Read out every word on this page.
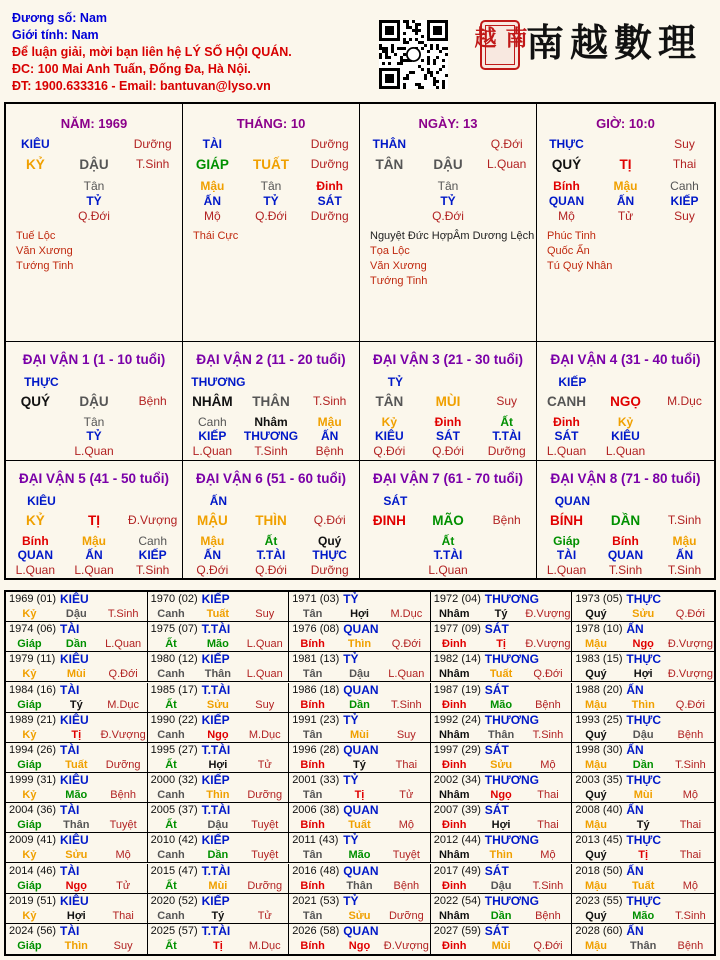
Đương số: Nam
Giới tính: Nam
Để luận giải, mời bạn liên hệ LÝ SỐ HỘI QUÁN.
ĐC: 100 Mai Anh Tuấn, Đống Đa, Hà Nội.
ĐT: 1900.633316 - Email: bantuvan@lyso.vn
南越 南越數理
NĂM: 1969
KIÊU	Dưỡng
KỶ	DẬU	T.Sinh
Tân
TỶ
Q.Đới
Tuế Lộc
Văn Xương
Tướng Tinh
THÁNG: 10
TÀI	Dưỡng
GIÁP	TUẤT	Dưỡng
Mậu	Tân	Đinh
ẤN	TỶ	SÁT
Mộ	Q.Đới	Dưỡng
Thái Cực
NGÀY: 13
THÂN	Q.Đới
TÂN	DẬU	L.Quan
Tân
TỶ
Q.Đới
Nguyệt Đức HợpÂm Dương Lệch
Tọa Lộc
Văn Xương
Tướng Tinh
GIỜ: 10:0
THỰC	Suy
QUÝ	TỊ	Thai
Bính	Mậu	Canh
QUAN	ẤN	KIẾP
Mộ	Tử	Suy
Phúc Tinh
Quốc Ấn
Tú Quý Nhân
ĐẠI VẬN 1 (1 - 10 tuổi)
THỰC
QUÝ	DẬU	Bệnh
Tân
TỶ
L.Quan
ĐẠI VẬN 2 (11 - 20 tuổi)
THƯƠNG
NHÂM	THÂN	T.Sinh
Canh	Nhâm	Mậu
KIẾP	THƯƠNG	ẤN
L.Quan	T.Sinh	Bệnh
ĐẠI VẬN 3 (21 - 30 tuổi)
TỶ
TÂN	MÙI	Suy
Kỷ	Đinh	Ất
KIÊU	SÁT	T.TÀI
Q.Đới	Q.Đới	Dưỡng
ĐẠI VẬN 4 (31 - 40 tuổi)
KIẾP
CANH	NGỌ	M.Dục
Đinh	Kỷ
SÁT	KIÊU
L.Quan	L.Quan
ĐẠI VẬN 5 (41 - 50 tuổi)
KIÊU
KỶ	TỊ	Đ.Vượng
Bính	Mậu	Canh
QUAN	ẤN	KIẾP
L.Quan	L.Quan	T.Sinh
ĐẠI VẬN 6 (51 - 60 tuổi)
ẤN
MẬU	THÌN	Q.Đới
Mậu	Ất	Quý
ẤN	T.TÀI	THỰC
Q.Đới	Q.Đới	Dưỡng
ĐẠI VẬN 7 (61 - 70 tuổi)
SÁT
ĐINH	MÃO	Bệnh
Ất
T.TÀI
L.Quan
ĐẠI VẬN 8 (71 - 80 tuổi)
QUAN
BÍNH	DẦN	T.Sinh
Giáp	Bính	Mậu
TÀI	QUAN	ẤN
L.Quan	T.Sinh	T.Sinh
1969 (01) KIÊU
Kỷ	Dậu	T.Sinh
1970 (02) KIẾP
Canh	Tuất	Suy
1971 (03) TỶ
Tân	Hợi	M.Dục
1972 (04) THƯƠNG
Nhâm	Tý	Đ.Vượng
1973 (05) THỰC
Quý	Sửu	Q.Đới
1974 (06) TÀI
Giáp	Dần	L.Quan
1975 (07) T.TÀI
Ất	Mão	L.Quan
1976 (08) QUAN
Bính	Thìn	Q.Đới
1977 (09) SÁT
Đinh	Tị	Đ.Vượng
1978 (10) ẤN
Mậu	Ngọ	Đ.Vượng
1979 (11) KIÊU
Kỷ	Mùi	Q.Đới
1980 (12) KIẾP
Canh	Thân	L.Quan
1981 (13) TỶ
Tân	Dậu	L.Quan
1982 (14) THƯƠNG
Nhâm	Tuất	Q.Đới
1983 (15) THỰC
Quý	Hợi	Đ.Vượng
1984 (16) TÀI
Giáp	Tý	M.Dục
1985 (17) T.TÀI
Ất	Sửu	Suy
1986 (18) QUAN
Bính	Dần	T.Sinh
1987 (19) SÁT
Đinh	Mão	Bệnh
1988 (20) ẤN
Mậu	Thìn	Q.Đới
1989 (21) KIÊU
Kỷ	Tị	Đ.Vượng
1990 (22) KIẾP
Canh	Ngọ	M.Dục
1991 (23) TỶ
Tân	Mùi	Suy
1992 (24) THƯƠNG
Nhâm	Thân	T.Sinh
1993 (25) THỰC
Quý	Dậu	Bệnh
1994 (26) TÀI
Giáp	Tuất	Dưỡng
1995 (27) T.TÀI
Ất	Hợi	Tử
1996 (28) QUAN
Bính	Tý	Thai
1997 (29) SÁT
Đinh	Sửu	Mộ
1998 (30) ẤN
Mậu	Dần	T.Sinh
1999 (31) KIÊU
Kỷ	Mão	Bệnh
2000 (32) KIẾP
Canh	Thìn	Dưỡng
2001 (33) TỶ
Tân	Tị	Tử
2002 (34) THƯƠNG
Nhâm	Ngọ	Thai
2003 (35) THỰC
Quý	Mùi	Mộ
2004 (36) TÀI
Giáp	Thân	Tuyệt
2005 (37) T.TÀI
Ất	Dậu	Tuyệt
2006 (38) QUAN
Bính	Tuất	Mộ
2007 (39) SÁT
Đinh	Hợi	Thai
2008 (40) ẤN
Mậu	Tý	Thai
2009 (41) KIÊU
Kỷ	Sửu	Mộ
2010 (42) KIẾP
Canh	Dần	Tuyệt
2011 (43) TỶ
Tân	Mão	Tuyệt
2012 (44) THƯƠNG
Nhâm	Thìn	Mộ
2013 (45) THỰC
Quý	Tị	Thai
2014 (46) TÀI
Giáp	Ngọ	Tử
2015 (47) T.TÀI
Ất	Mùi	Dưỡng
2016 (48) QUAN
Bính	Thân	Bệnh
2017 (49) SÁT
Đinh	Dậu	T.Sinh
2018 (50) ẤN
Mậu	Tuất	Mộ
2019 (51) KIÊU
Kỷ	Hợi	Thai
2020 (52) KIẾP
Canh	Tý	Tử
2021 (53) TỶ
Tân	Sửu	Dưỡng
2022 (54) THƯƠNG
Nhâm	Dần	Bệnh
2023 (55) THỰC
Quý	Mão	T.Sinh
2024 (56) TÀI
Giáp	Thìn	Suy
2025 (57) T.TÀI
Ất	Tị	M.Dục
2026 (58) QUAN
Bính	Ngọ	Đ.Vượng
2027 (59) SÁT
Đinh	Mùi	Q.Đới
2028 (60) ẤN
Mậu	Thân	Bệnh
